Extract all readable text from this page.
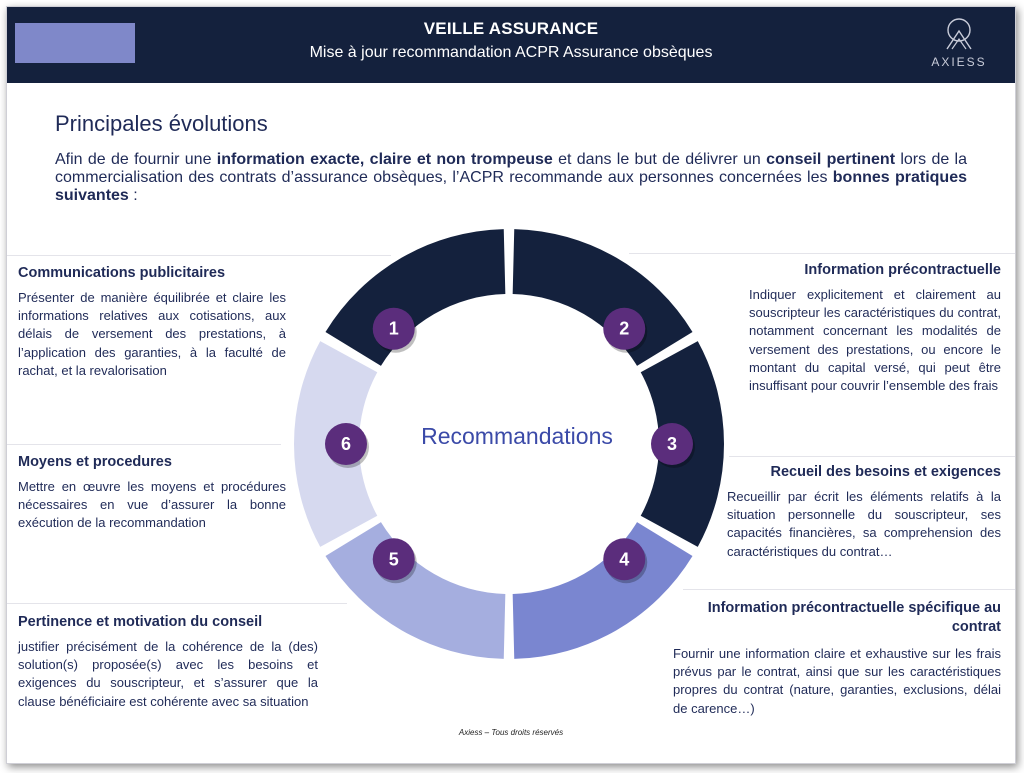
VEILLE ASSURANCE
Mise à jour recommandation ACPR Assurance obsèques
AXIESS
Principales évolutions
Afin de de fournir une information exacte, claire et non trompeuse et dans le but de délivrer un conseil pertinent lors de la commercialisation des contrats d’assurance obsèques, l’ACPR recommande aux personnes concernées les bonnes pratiques suivantes :
Communications publicitaires
Présenter de manière équilibrée et claire les informations relatives aux cotisations, aux délais de versement des prestations, à l’application des garanties, à la faculté de rachat, et la revalorisation
Moyens et procedures
Mettre en œuvre les moyens et procédures nécessaires en vue d’assurer la bonne exécution de la recommandation
Pertinence et motivation du conseil
justifier précisément de la cohérence de la (des) solution(s) proposée(s) avec les besoins et exigences du souscripteur, et s’assurer que la clause bénéficiaire est cohérente avec sa situation
Information précontractuelle
Indiquer explicitement et clairement au souscripteur les caractéristiques du contrat, notamment concernant les modalités de versement des prestations, ou encore le montant du capital versé, qui peut être insuffisant pour couvrir l’ensemble des frais
Recueil des besoins et exigences
Recueillir par écrit les éléments relatifs à la situation personnelle du souscripteur, ses capacités financières, sa comprehension des caractéristiques du contrat…
Information précontractuelle spécifique au contrat
Fournir une information claire et exhaustive sur les frais prévus par le contrat, ainsi que sur les caractéristiques propres du contrat (nature, garanties, exclusions, délai de carence…)
1	2
3
4
5
6	Recommandations
Axiess – Tous droits réservés
